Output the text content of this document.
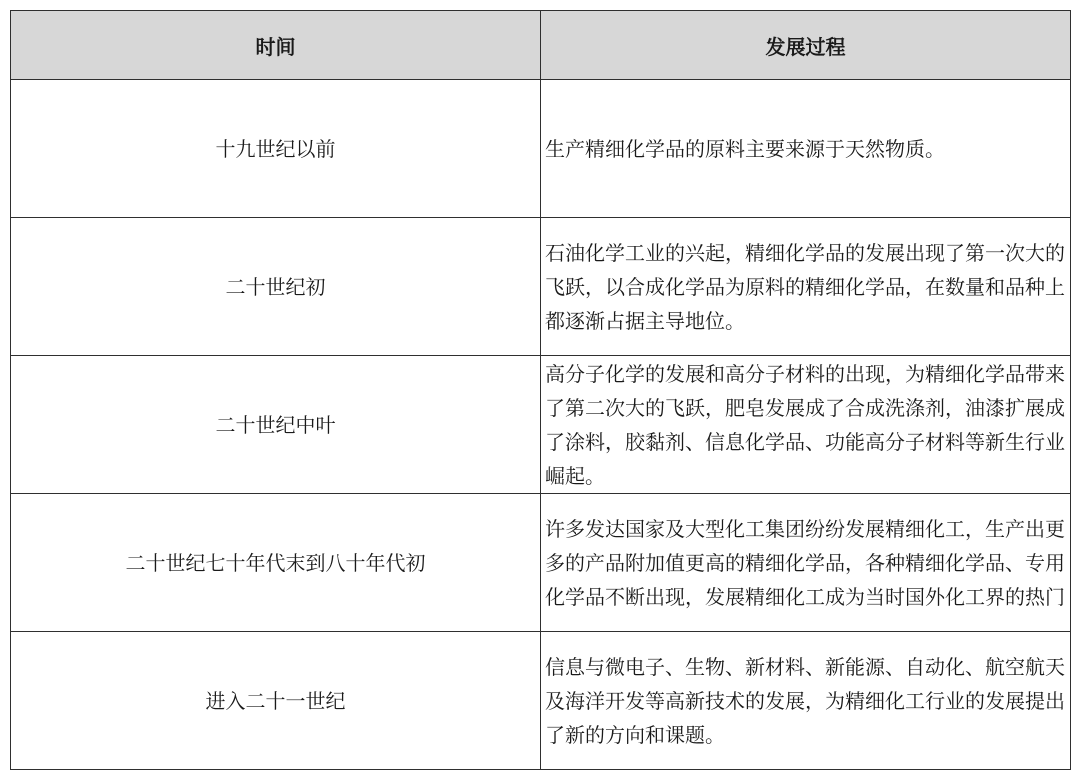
时间	发展过程
十九世纪以前	生产精细化学品的原料主要来源于天然物质。
二十世纪初	石油化学工业的兴起，精细化学品的发展出现了第一次大的飞跃，以合成化学品为原料的精细化学品，在数量和品种上都逐渐占据主导地位。
二十世纪中叶	高分子化学的发展和高分子材料的出现，为精细化学品带来了第二次大的飞跃，肥皂发展成了合成洗涤剂，油漆扩展成了涂料，胶黏剂、信息化学品、功能高分子材料等新生行业崛起。
二十世纪七十年代末到八十年代初	许多发达国家及大型化工集团纷纷发展精细化工，生产出更多的产品附加值更高的精细化学品，各种精细化学品、专用化学品不断出现，发展精细化工成为当时国外化工界的热门
进入二十一世纪	信息与微电子、生物、新材料、新能源、自动化、航空航天及海洋开发等高新技术的发展，为精细化工行业的发展提出了新的方向和课题。
